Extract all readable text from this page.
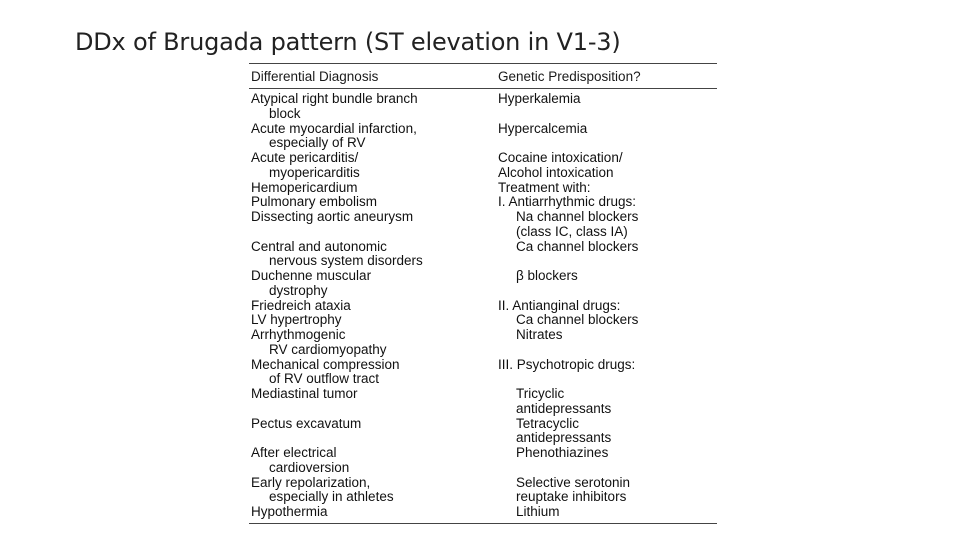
DDx of Brugada pattern (ST elevation in V1-3)
Differential Diagnosis	Genetic Predisposition?
Atypical right bundle branch
block
Acute myocardial infarction,
especially of RV
Acute pericarditis/
myopericarditis
Hemopericardium
Pulmonary embolism
Dissecting aortic aneurysm
Central and autonomic
nervous system disorders
Duchenne muscular
dystrophy
Friedreich ataxia
LV hypertrophy
Arrhythmogenic
RV cardiomyopathy
Mechanical compression
of RV outflow tract
Mediastinal tumor
Pectus excavatum
After electrical
cardioversion
Early repolarization,
especially in athletes
Hypothermia
Hyperkalemia
Hypercalcemia
Cocaine intoxication/
Alcohol intoxication
Treatment with:
I. Antiarrhythmic drugs:
Na channel blockers
(class IC, class IA)
Ca channel blockers
β blockers
II. Antianginal drugs:
Ca channel blockers
Nitrates
III. Psychotropic drugs:
Tricyclic
antidepressants
Tetracyclic
antidepressants
Phenothiazines
Selective serotonin
reuptake inhibitors
Lithium
